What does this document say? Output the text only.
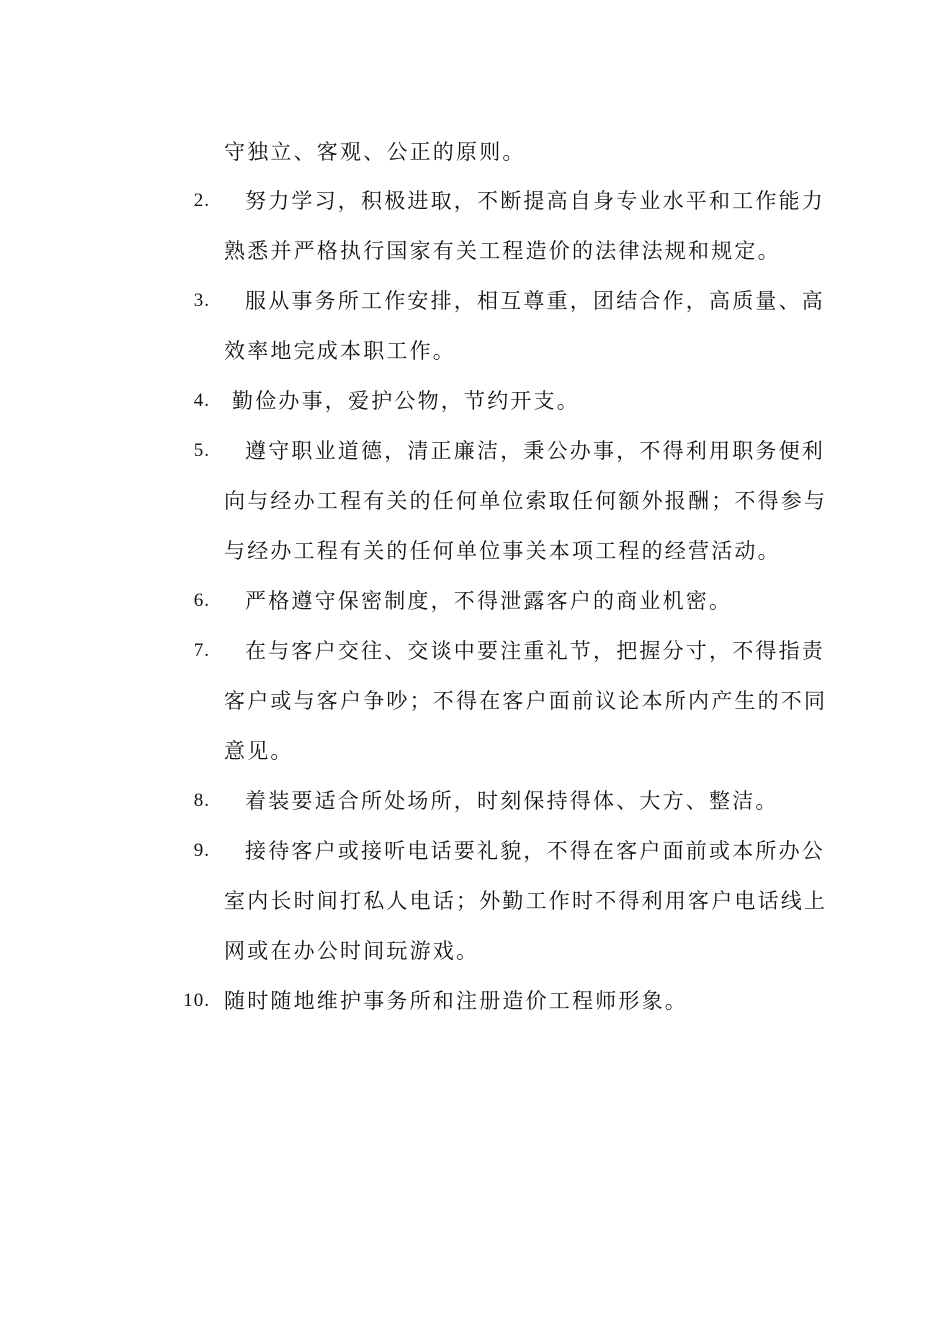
守独立、客观、公正的原则。
2. 努力学习，积极进取，不断提高自身专业水平和工作能力
熟悉并严格执行国家有关工程造价的法律法规和规定。
3. 服从事务所工作安排，相互尊重，团结合作，高质量、高
效率地完成本职工作。
4. 勤俭办事，爱护公物，节约开支。
5. 遵守职业道德，清正廉洁，秉公办事，不得利用职务便利
向与经办工程有关的任何单位索取任何额外报酬；不得参与
与经办工程有关的任何单位事关本项工程的经营活动。
6. 严格遵守保密制度，不得泄露客户的商业机密。
7. 在与客户交往、交谈中要注重礼节，把握分寸，不得指责
客户或与客户争吵；不得在客户面前议论本所内产生的不同
意见。
8. 着装要适合所处场所，时刻保持得体、大方、整洁。
9. 接待客户或接听电话要礼貌，不得在客户面前或本所办公
室内长时间打私人电话；外勤工作时不得利用客户电话线上
网或在办公时间玩游戏。
10. 随时随地维护事务所和注册造价工程师形象。
